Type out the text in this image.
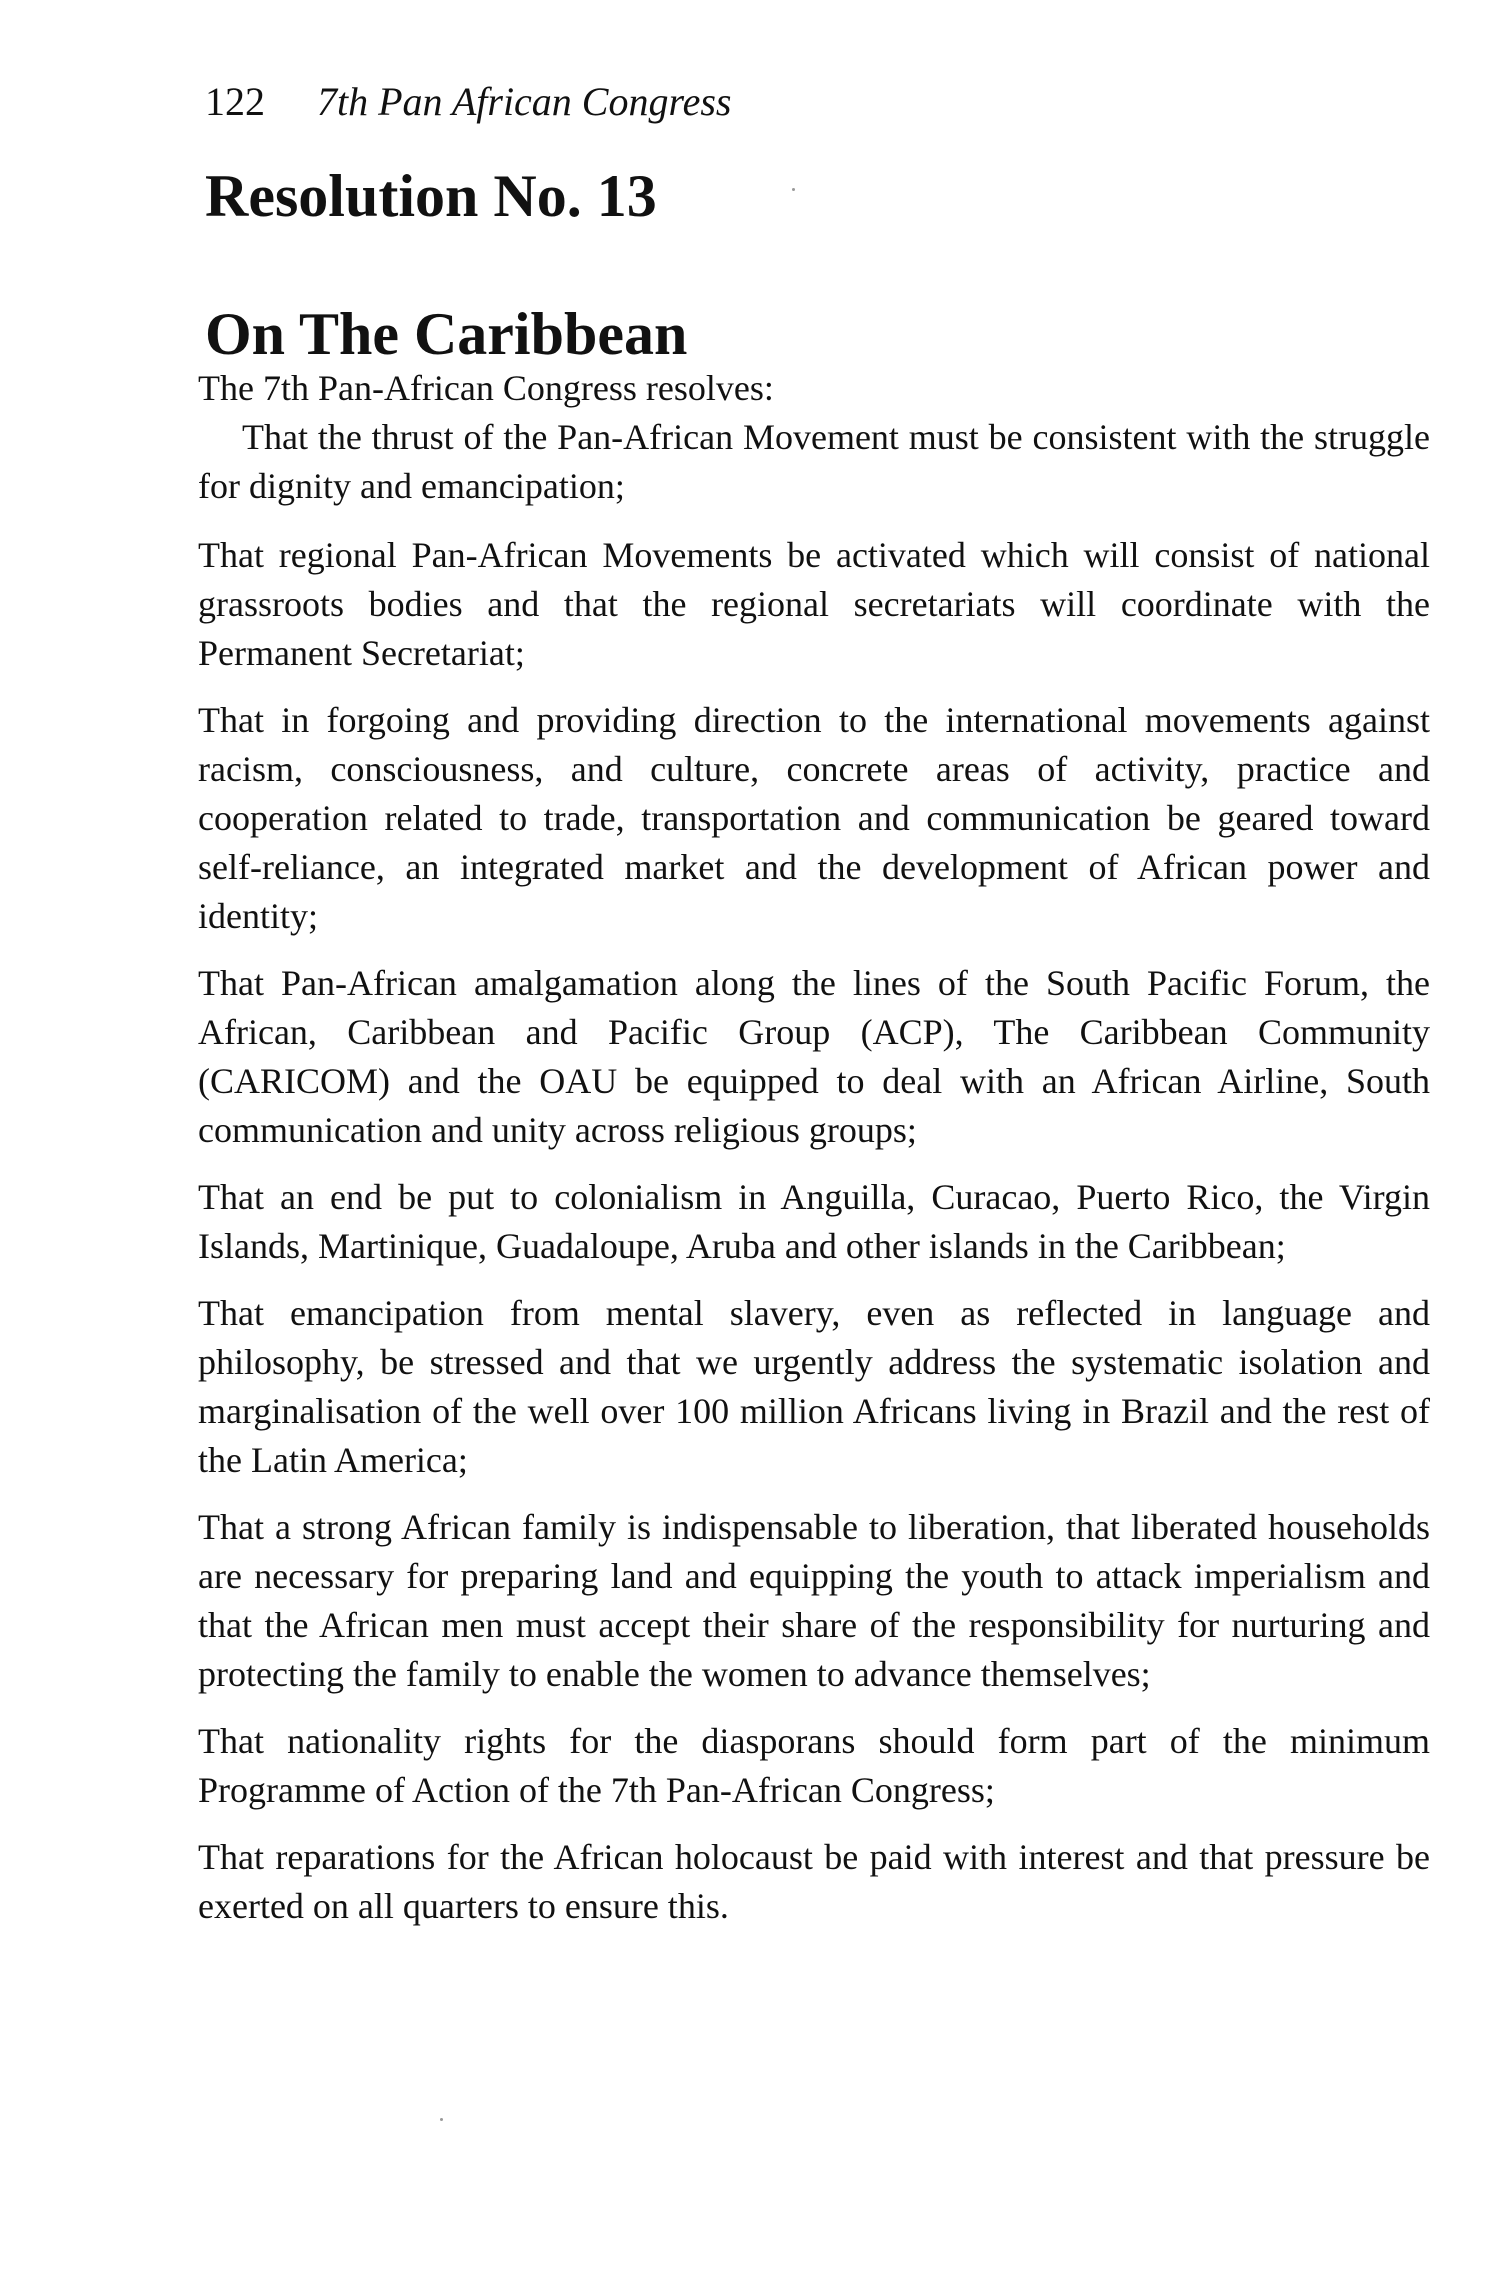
122 7th Pan African Congress
Resolution No. 13
On The Caribbean

The 7th Pan-African Congress resolves:

That the thrust of the Pan-African Movement must be consistent with the struggle for dignity and emancipation;

That regional Pan-African Movements be activated which will consist of national grassroots bodies and that the regional secretariats will coordinate with the Permanent Secretariat;

That in forgoing and providing direction to the international movements against racism, consciousness, and culture, concrete areas of activity, practice and cooperation related to trade, transportation and communication be geared toward self-reliance, an integrated market and the development of African power and identity;

That Pan-African amalgamation along the lines of the South Pacific Forum, the African, Caribbean and Pacific Group (ACP), The Caribbean Community (CARICOM) and the OAU be equipped to deal with an African Airline, South communication and unity across religious groups;

That an end be put to colonialism in Anguilla, Curacao, Puerto Rico, the Virgin Islands, Martinique, Guadaloupe, Aruba and other islands in the Caribbean;

That emancipation from mental slavery, even as reflected in language and philosophy, be stressed and that we urgently address the systematic isolation and marginalisation of the well over 100 million Africans living in Brazil and the rest of the Latin America;

That a strong African family is indispensable to liberation, that liberated households are necessary for preparing land and equipping the youth to attack imperialism and that the African men must accept their share of the responsibility for nurturing and protecting the family to enable the women to advance themselves;

That nationality rights for the diasporans should form part of the minimum Programme of Action of the 7th Pan-African Congress;

That reparations for the African holocaust be paid with interest and that pressure be exerted on all quarters to ensure this.
